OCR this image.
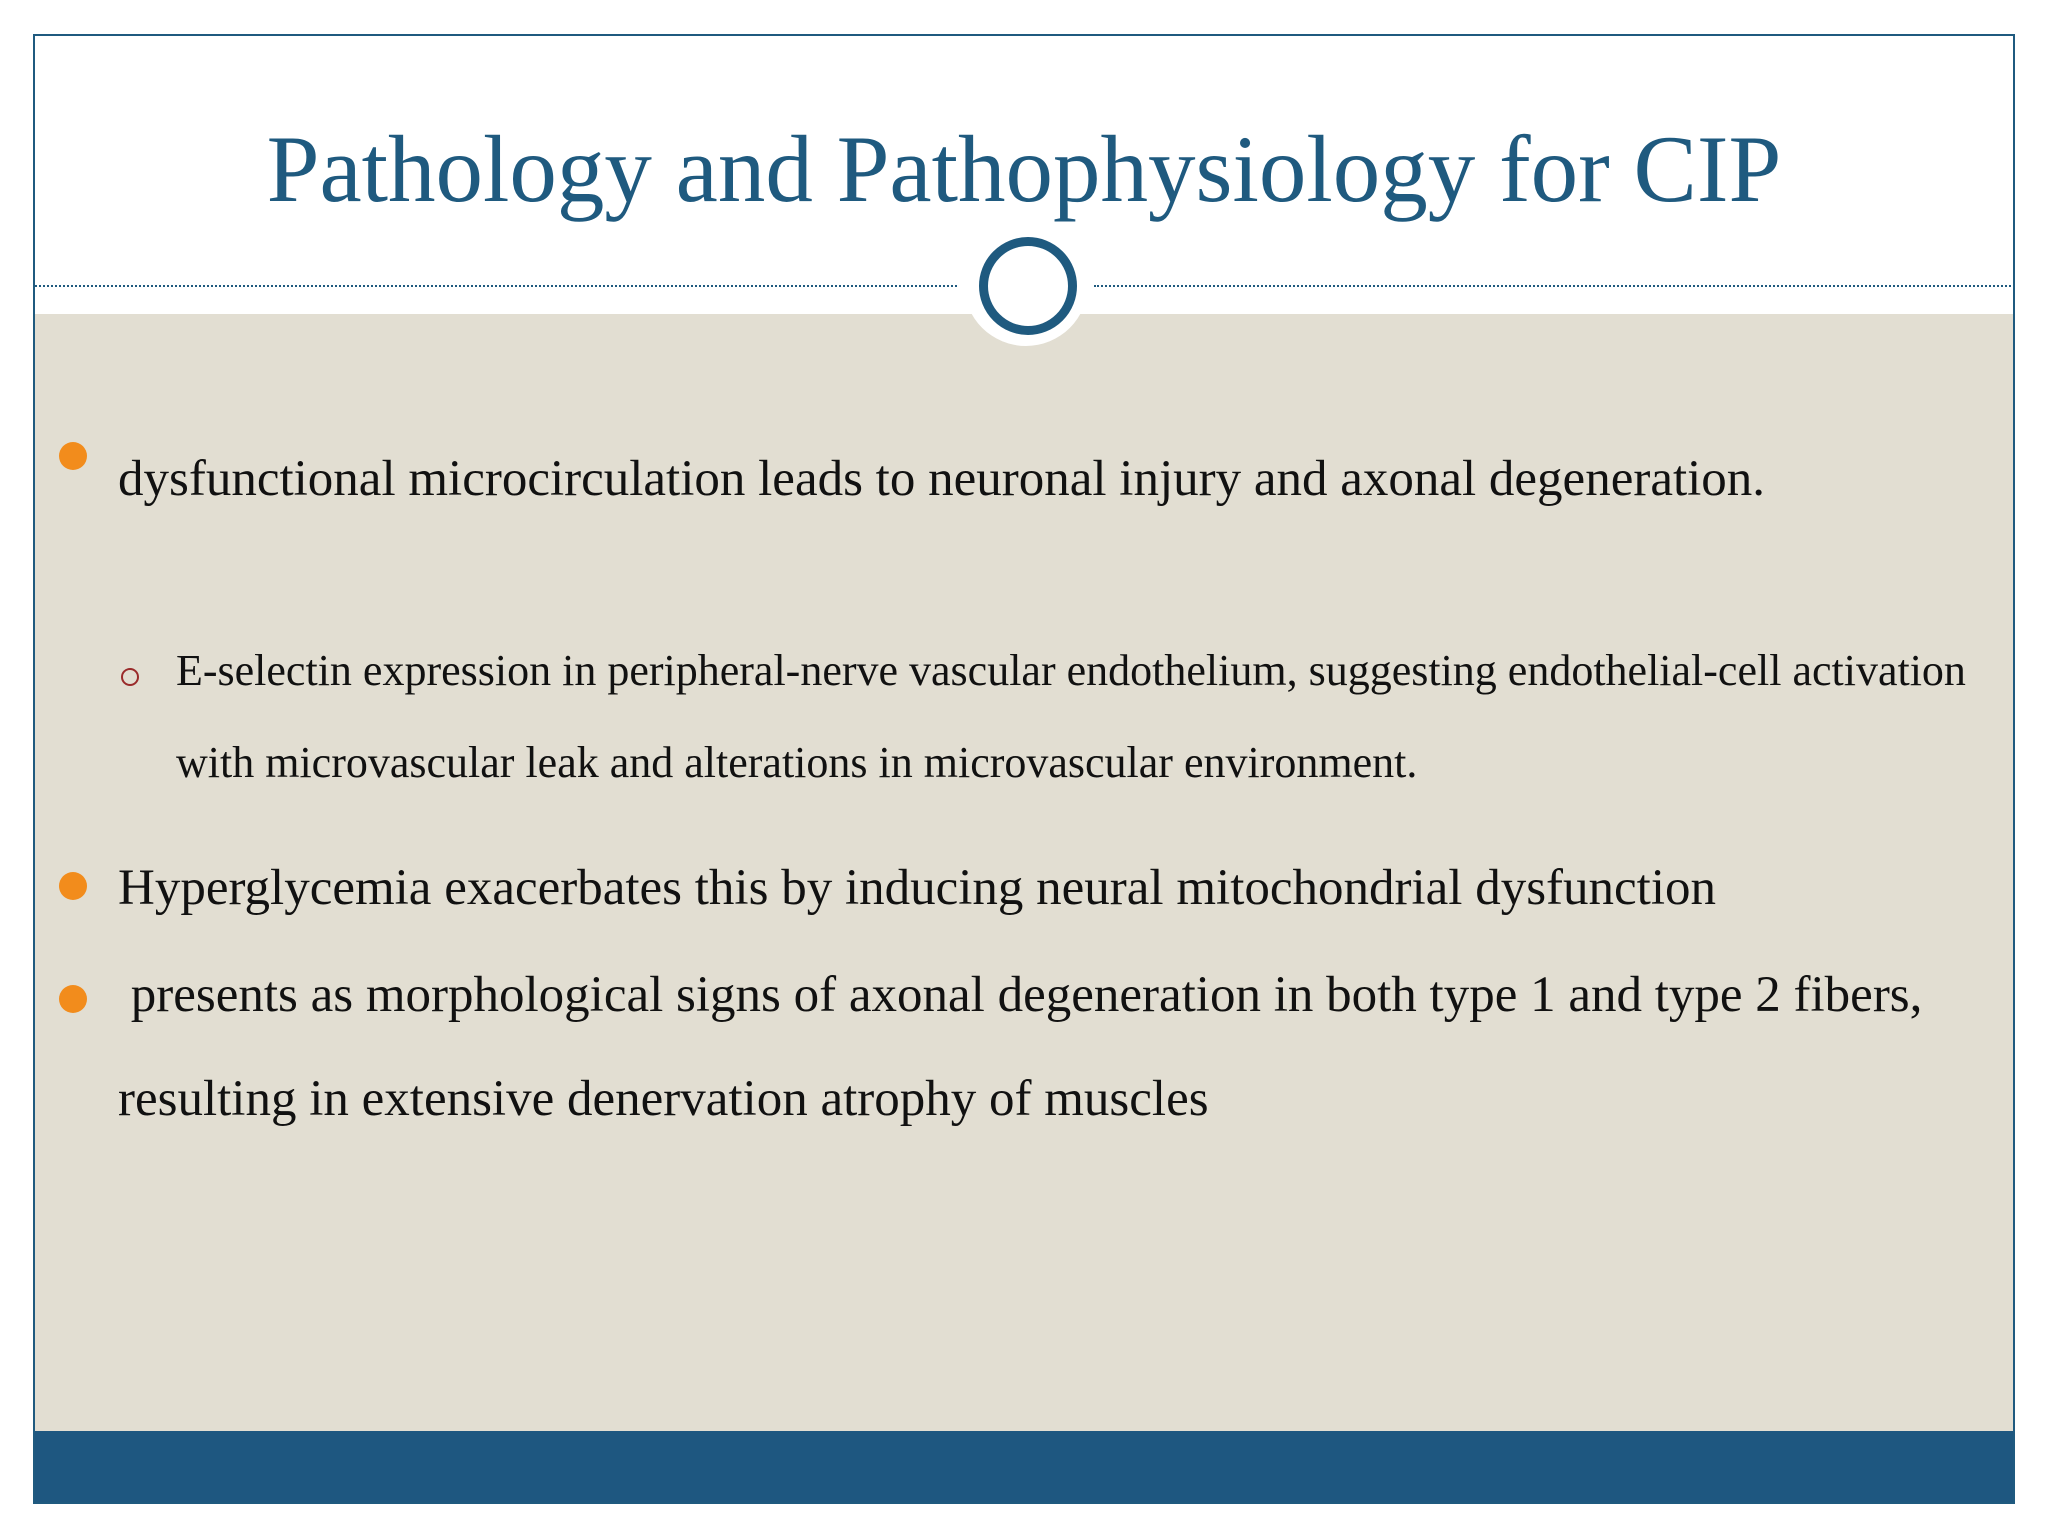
Pathology and Pathophysiology for CIP
dysfunctional microcirculation leads to neuronal injury and axonal degeneration.
E-selectin expression in peripheral-nerve vascular endothelium, suggesting endothelial-cell activation with microvascular leak and alterations in microvascular environment.
Hyperglycemia exacerbates this by inducing neural mitochondrial dysfunction
presents as morphological signs of axonal degeneration in both type 1 and type 2 fibers, resulting in extensive denervation atrophy of muscles
